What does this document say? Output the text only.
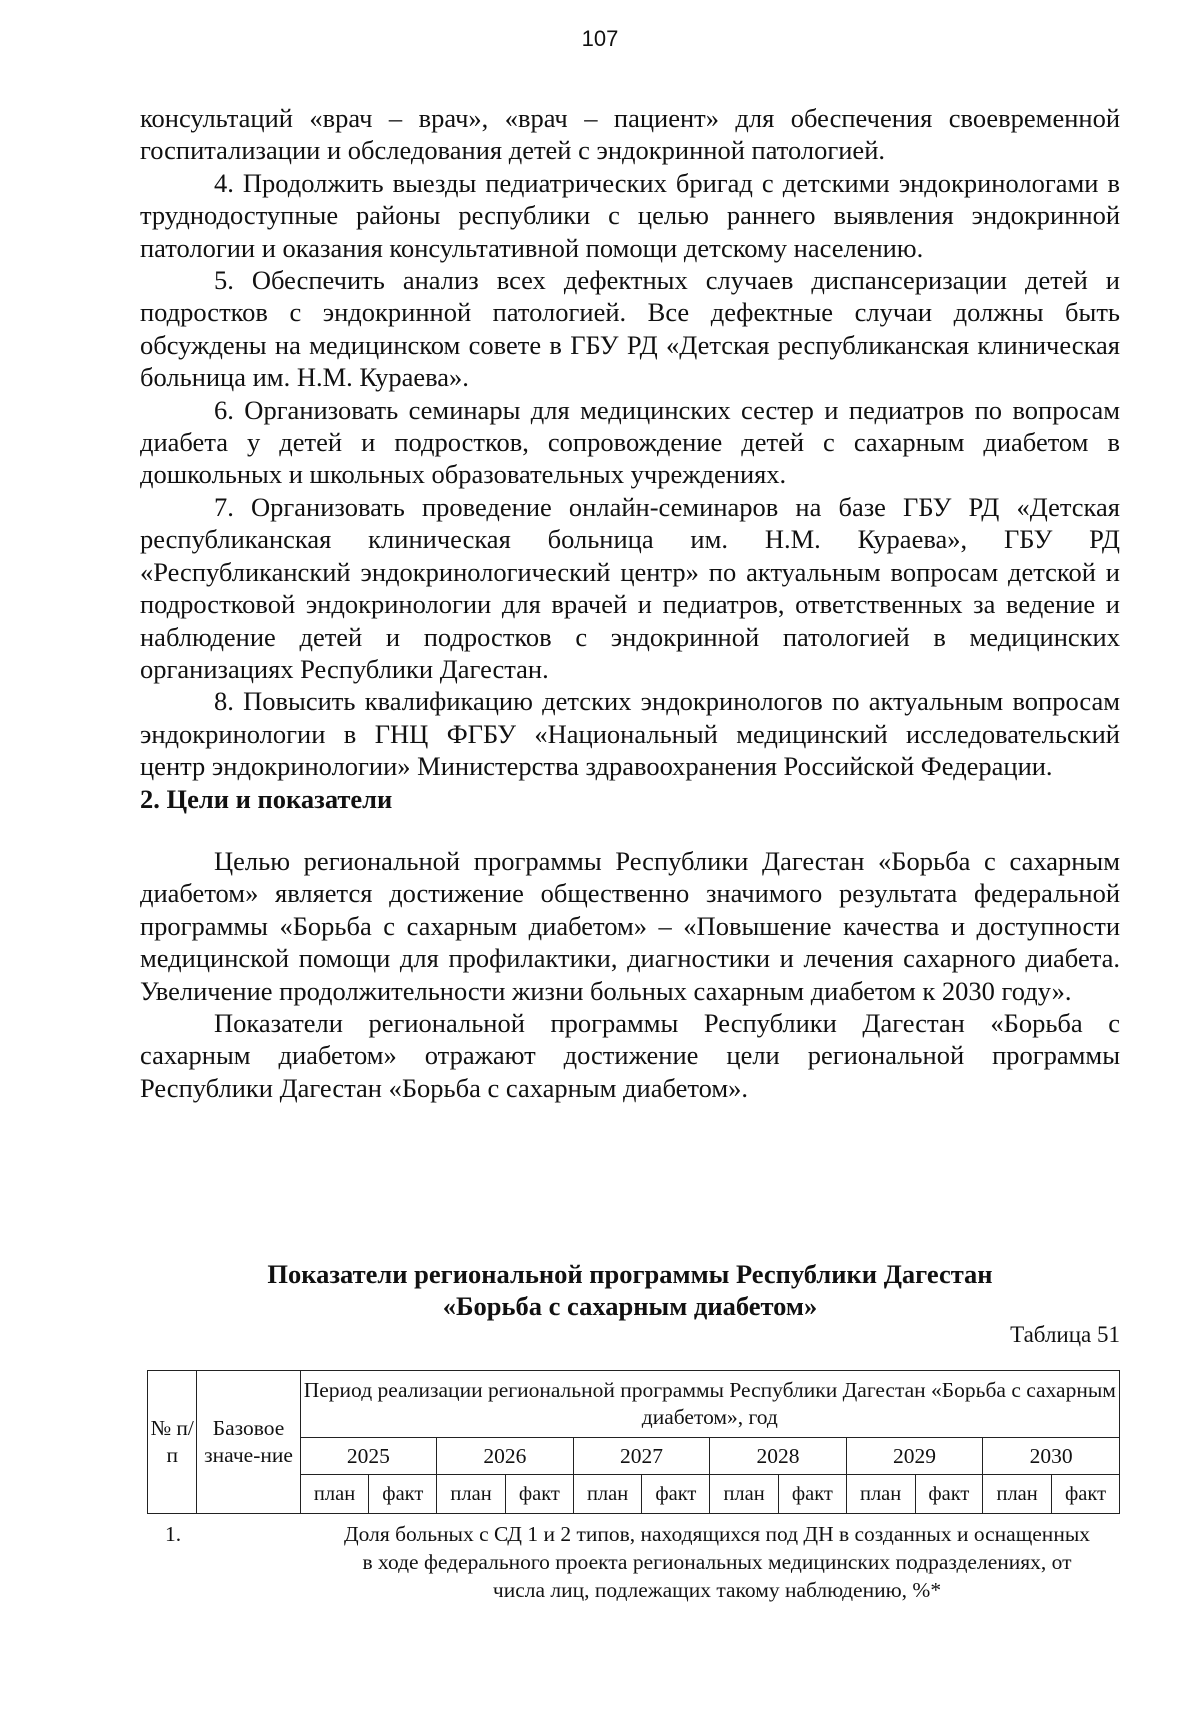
107

консультаций «врач – врач», «врач – пациент» для обеспечения своевременной госпитализации и обследования детей с эндокринной патологией.

4. Продолжить выезды педиатрических бригад с детскими эндокринологами в труднодоступные районы республики с целью раннего выявления эндокринной патологии и оказания консультативной помощи детскому населению.

5. Обеспечить анализ всех дефектных случаев диспансеризации детей и подростков с эндокринной патологией. Все дефектные случаи должны быть обсуждены на медицинском совете в ГБУ РД «Детская республиканская клиническая больница им. Н.М. Кураева».

6. Организовать семинары для медицинских сестер и педиатров по вопросам диабета у детей и подростков, сопровождение детей с сахарным диабетом в дошкольных и школьных образовательных учреждениях.

7. Организовать проведение онлайн-семинаров на базе ГБУ РД «Детская республиканская клиническая больница им. Н.М. Кураева», ГБУ РД «Республиканский эндокринологический центр» по актуальным вопросам детской и подростковой эндокринологии для врачей и педиатров, ответственных за ведение и наблюдение детей и подростков с эндокринной патологией в медицинских организациях Республики Дагестан.

8. Повысить квалификацию детских эндокринологов по актуальным вопросам эндокринологии в ГНЦ ФГБУ «Национальный медицинский исследовательский центр эндокринологии» Министерства здравоохранения Российской Федерации.

2. Цели и показатели

Целью региональной программы Республики Дагестан «Борьба с сахарным диабетом» является достижение общественно значимого результата федеральной программы «Борьба с сахарным диабетом» – «Повышение качества и доступности медицинской помощи для профилактики, диагностики и лечения сахарного диабета. Увеличение продолжительности жизни больных сахарным диабетом к 2030 году».

Показатели региональной программы Республики Дагестан «Борьба с сахарным диабетом» отражают достижение цели региональной программы Республики Дагестан «Борьба с сахарным диабетом».

Показатели региональной программы Республики Дагестан
«Борьба с сахарным диабетом»
Таблица 51
№ п/п	Базовое значе-ние	Период реализации региональной программы Республики Дагестан «Борьба с сахарным диабетом», год											
		2025		2026		2027		2028		2029		2030	
		план	факт	план	факт	план	факт	план	факт	план	факт	план	факт
1.	Доля больных с СД 1 и 2 типов, находящихся под ДН в созданных и оснащенных в ходе федерального проекта региональных медицинских подразделениях, от числа лиц, подлежащих такому наблюдению, %*
